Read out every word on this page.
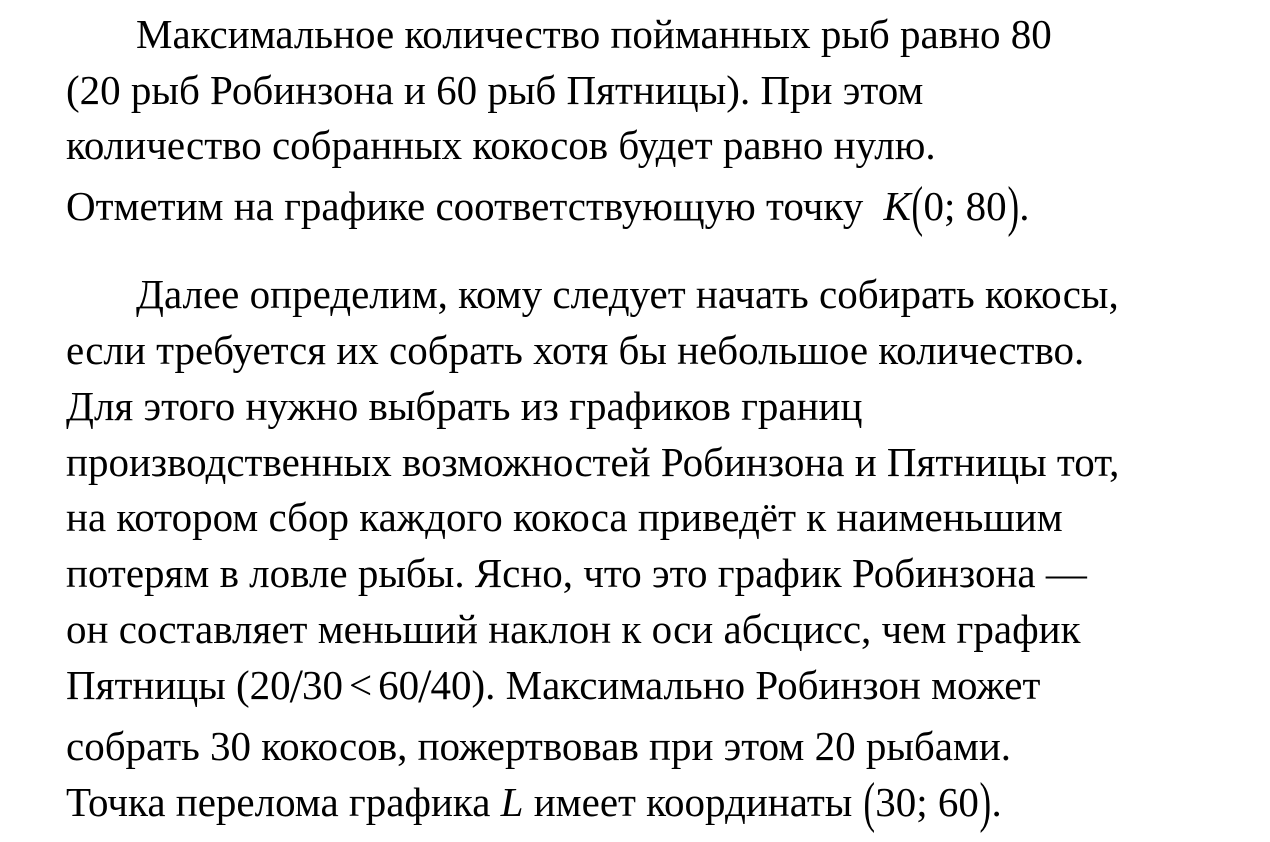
Максимальное количество пойманных рыб равно 80
(20 рыб Робинзона и 60 рыб Пятницы). При этом
количество собранных кокосов будет равно нулю.
Отметим на графике соответствующую точку K(0; 80).
Далее определим, кому следует начать собирать кокосы,
если требуется их собрать хотя бы небольшое количество.
Для этого нужно выбрать из графиков границ
производственных возможностей Робинзона и Пятницы тот,
на котором сбор каждого кокоса приведёт к наименьшим
потерям в ловле рыбы. Ясно, что это график Робинзона —
он составляет меньший наклон к оси абсцисс, чем график
Пятницы (20/30 < 60/40). Максимально Робинзон может
собрать 30 кокосов, пожертвовав при этом 20 рыбами.
Точка перелома графика L имеет координаты (30; 60).
